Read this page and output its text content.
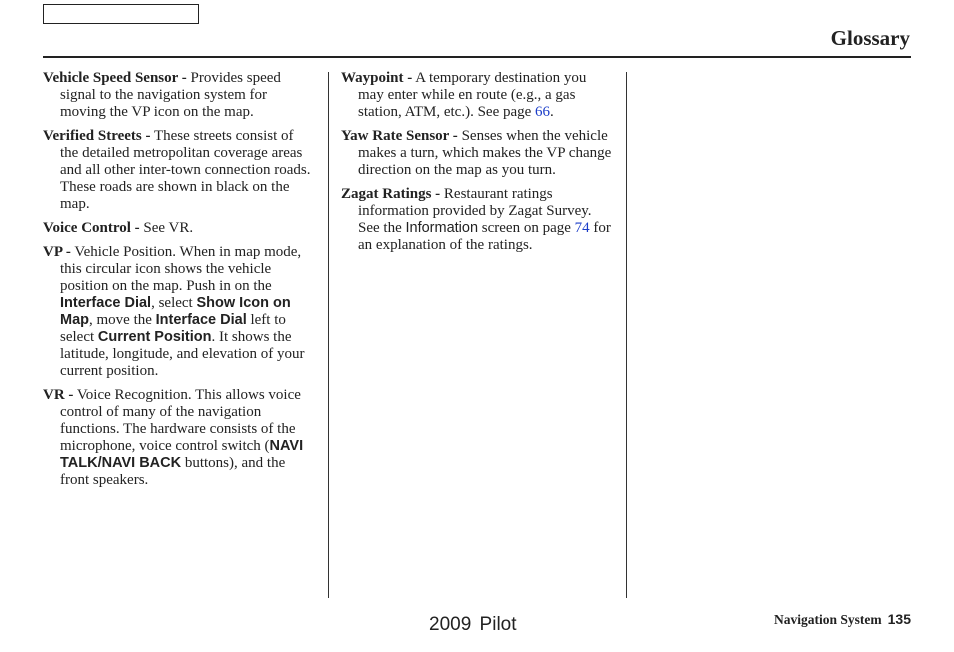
Glossary

Vehicle Speed Sensor - Provides speed signal to the navigation system for moving the VP icon on the map.

Verified Streets - These streets consist of the detailed metropolitan coverage areas and all other inter-town connection roads. These roads are shown in black on the map.

Voice Control - See VR.

VP - Vehicle Position. When in map mode, this circular icon shows the vehicle position on the map. Push in on the Interface Dial, select Show Icon on Map, move the Interface Dial left to select Current Position. It shows the latitude, longitude, and elevation of your current position.

VR - Voice Recognition. This allows voice control of many of the navigation functions. The hardware consists of the microphone, voice control switch (NAVI TALK/NAVI BACK buttons), and the front speakers.

Waypoint - A temporary destination you may enter while en route (e.g., a gas station, ATM, etc.). See page 66.

Yaw Rate Sensor - Senses when the vehicle makes a turn, which makes the VP change direction on the map as you turn.

Zagat Ratings - Restaurant ratings information provided by Zagat Survey. See the Information screen on page 74 for an explanation of the ratings.

2009 Pilot	Navigation System 135
